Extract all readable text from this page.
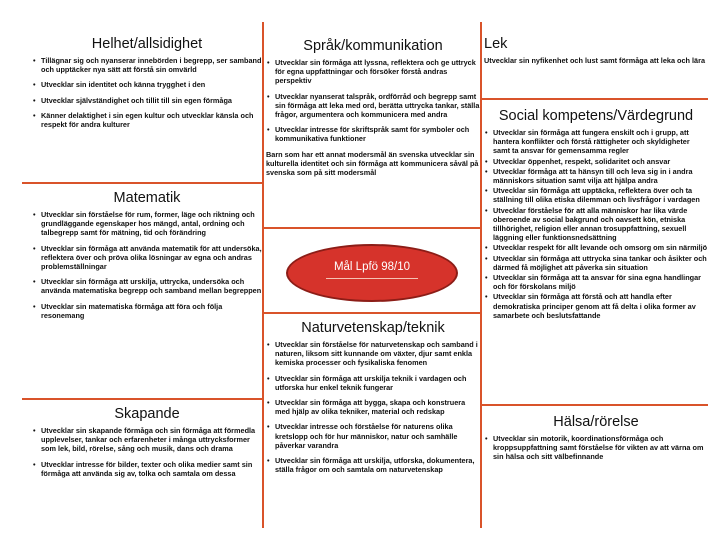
Helhet/allsidighet
• Tillägnar sig och nyanserar innebörden i begrepp, ser samband och upptäcker nya sätt att förstå sin omvärld
• Utvecklar sin identitet och känna trygghet i den
• Utvecklar självständighet och tillit till sin egen förmåga
• Känner delaktighet i sin egen kultur och utvecklar känsla och respekt för andra kulturer
Matematik
• Utvecklar sin förståelse för rum, former, läge och riktning och grundläggande egenskaper hos mängd, antal, ordning och talbegrepp samt för mätning, tid och förändring
• Utvecklar sin förmåga att använda matematik för att undersöka, reflektera över och pröva olika lösningar av egna och andras problemställningar
• Utvecklar sin förmåga att urskilja, uttrycka, undersöka och använda matematiska begrepp och samband mellan begreppen
• Utvecklar sin matematiska förmåga att föra och följa resonemang
Skapande
• Utvecklar sin skapande förmåga och sin förmåga att förmedla upplevelser, tankar och erfarenheter i många uttrycksformer som lek, bild, rörelse, sång och musik, dans och drama
• Utvecklar intresse för bilder, texter och olika medier samt sin förmåga att använda sig av, tolka och samtala om dessa
Språk/kommunikation
• Utvecklar sin förmåga att lyssna, reflektera och ge uttryck för egna uppfattningar och försöker förstå andras perspektiv
• Utvecklar nyanserat talspråk, ordförråd och begrepp samt sin förmåga att leka med ord, berätta uttrycka tankar, ställa frågor, argumentera och kommunicera med andra
• Utvecklar intresse för skriftspråk samt för symboler och kommunikativa funktioner

Barn som har ett annat modersmål än svenska utvecklar sin kulturella identitet och sin förmåga att kommunicera såväl på svenska som på sitt modersmål

Mål Lpfö 98/10
Naturvetenskap/teknik
• Utvecklar sin förståelse för naturvetenskap och samband i naturen, liksom sitt kunnande om växter, djur samt enkla kemiska processer och fysikaliska fenomen
• Utvecklar sin förmåga att urskilja teknik i vardagen och utforska hur enkel teknik fungerar
• Utvecklar sin förmåga att bygga, skapa och konstruera med hjälp av olika tekniker, material och redskap
• Utvecklar intresse och förståelse för naturens olika kretslopp och för hur människor, natur och samhälle påverkar varandra
• Utvecklar sin förmåga att urskilja, utforska, dokumentera, ställa frågor om och samtala om naturvetenskap
Lek

Utvecklar sin nyfikenhet och lust samt förmåga att leka och lära

Social kompetens/Värdegrund
• Utvecklar sin förmåga att fungera enskilt och i grupp, att hantera konflikter och förstå rättigheter och skyldigheter samt ta ansvar för gemensamma regler
• Utvecklar öppenhet, respekt, solidaritet och ansvar
• Utvecklar förmåga att ta hänsyn till och leva sig in i andra människors situation samt vilja att hjälpa andra
• Utvecklar sin förmåga att upptäcka, reflektera över och ta ställning till olika etiska dilemman och livsfrågor i vardagen
• Utvecklar förståelse för att alla människor har lika värde oberoende av social bakgrund och oavsett kön, etniska tillhörighet, religion eller annan trosuppfattning, sexuell läggning eller funktionsnedsättning
• Utvecklar respekt för allt levande och omsorg om sin närmiljö
• Utvecklar sin förmåga att uttrycka sina tankar och åsikter och därmed få möjlighet att påverka sin situation
• Utvecklar sin förmåga att ta ansvar för sina egna handlingar och för förskolans miljö
• Utvecklar sin förmåga att förstå och att handla efter demokratiska principer genom att få delta i olika former av samarbete och beslutsfattande
Hälsa/rörelse
• Utvecklar sin motorik, koordinationsförmåga och kroppsuppfattning samt förståelse för vikten av att värna om sin hälsa och sitt välbefinnande
